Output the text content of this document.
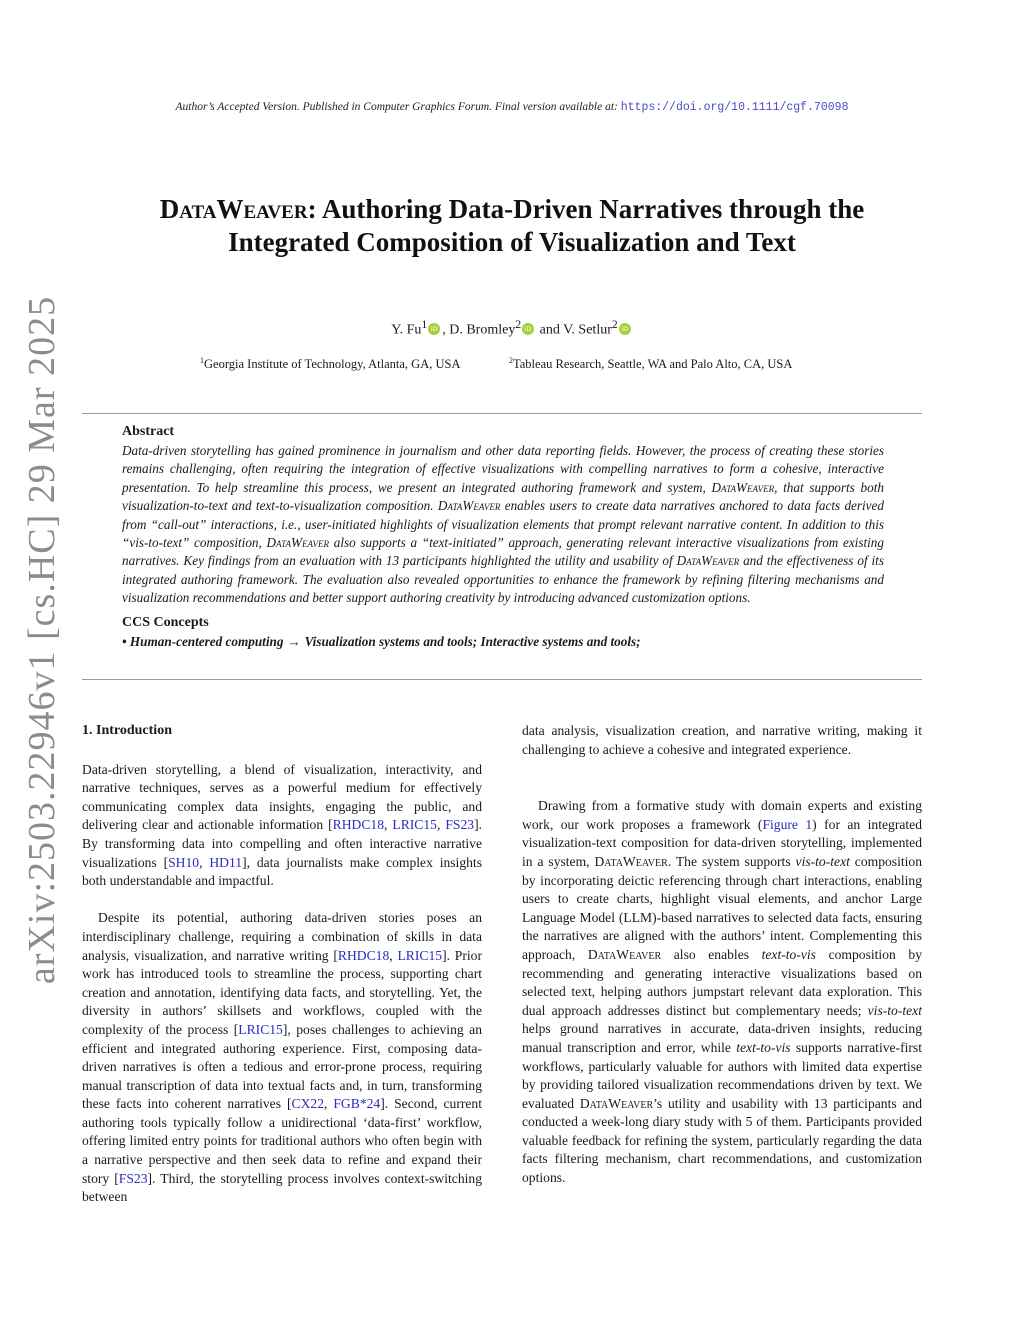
Author’s Accepted Version. Published in Computer Graphics Forum. Final version available at: https://doi.org/10.1111/cgf.70098
arXiv:2503.22946v1 [cs.HC] 29 Mar 2025
DataWeaver: Authoring Data-Driven Narratives through the
Integrated Composition of Visualization and Text
Y. Fu$^1$ iD , D. Bromley$^2$ iD and V. Setlur$^2$ iD
$^1$Georgia Institute of Technology, Atlanta, GA, USA	$^2$Tableau Research, Seattle, WA and Palo Alto, CA, USA
Abstract

Data-driven storytelling has gained prominence in journalism and other data reporting fields. However, the process of creating these stories remains challenging, often requiring the integration of effective visualizations with compelling narratives to form a cohesive, interactive presentation. To help streamline this process, we present an integrated authoring framework and system, DataWeaver, that supports both visualization-to-text and text-to-visualization composition. DataWeaver enables users to create data narratives anchored to data facts derived from “call-out” interactions, i.e., user-initiated highlights of visualization elements that prompt relevant narrative content. In addition to this “vis-to-text” composition, DataWeaver also supports a “text-initiated” approach, generating relevant interactive visualizations from existing narratives. Key findings from an evaluation with 13 participants highlighted the utility and usability of DataWeaver and the effectiveness of its integrated authoring framework. The evaluation also revealed opportunities to enhance the framework by refining filtering mechanisms and visualization recommendations and better support authoring creativity by introducing advanced customization options.

CCS Concepts
• Human-centered computing → Visualization systems and tools; Interactive systems and tools;
1. Introduction

Data-driven storytelling, a blend of visualization, interactivity, and narrative techniques, serves as a powerful medium for effectively communicating complex data insights, engaging the public, and delivering clear and actionable information [RHDC18, LRIC15, FS23]. By transforming data into compelling and often interactive narrative visualizations [SH10, HD11], data journalists make complex insights both understandable and impactful.

Despite its potential, authoring data-driven stories poses an interdisciplinary challenge, requiring a combination of skills in data analysis, visualization, and narrative writing [RHDC18, LRIC15]. Prior work has introduced tools to streamline the process, supporting chart creation and annotation, identifying data facts, and storytelling. Yet, the diversity in authors’ skillsets and workflows, coupled with the complexity of the process [LRIC15], poses challenges to achieving an efficient and integrated authoring experience. First, composing data-driven narratives is often a tedious and error-prone process, requiring manual transcription of data into textual facts and, in turn, transforming these facts into coherent narratives [CX22, FGB*24]. Second, current authoring tools typically follow a unidirectional ‘data-first’ workflow, offering limited entry points for traditional authors who often begin with a narrative perspective and then seek data to refine and expand their story [FS23]. Third, the storytelling process involves context-switching between

data analysis, visualization creation, and narrative writing, making it challenging to achieve a cohesive and integrated experience.

Drawing from a formative study with domain experts and existing work, our work proposes a framework (Figure 1) for an integrated visualization-text composition for data-driven storytelling, implemented in a system, DataWeaver. The system supports vis-to-text composition by incorporating deictic referencing through chart interactions, enabling users to create charts, highlight visual elements, and anchor Large Language Model (LLM)-based narratives to selected data facts, ensuring the narratives are aligned with the authors’ intent. Complementing this approach, DataWeaver also enables text-to-vis composition by recommending and generating interactive visualizations based on selected text, helping authors jumpstart relevant data exploration. This dual approach addresses distinct but complementary needs; vis-to-text helps ground narratives in accurate, data-driven insights, reducing manual transcription and error, while text-to-vis supports narrative-first workflows, particularly valuable for authors with limited data expertise by providing tailored visualization recommendations driven by text. We evaluated DataWeaver’s utility and usability with 13 participants and conducted a week-long diary study with 5 of them. Participants provided valuable feedback for refining the system, particularly regarding the data facts filtering mechanism, chart recommendations, and customization options.
